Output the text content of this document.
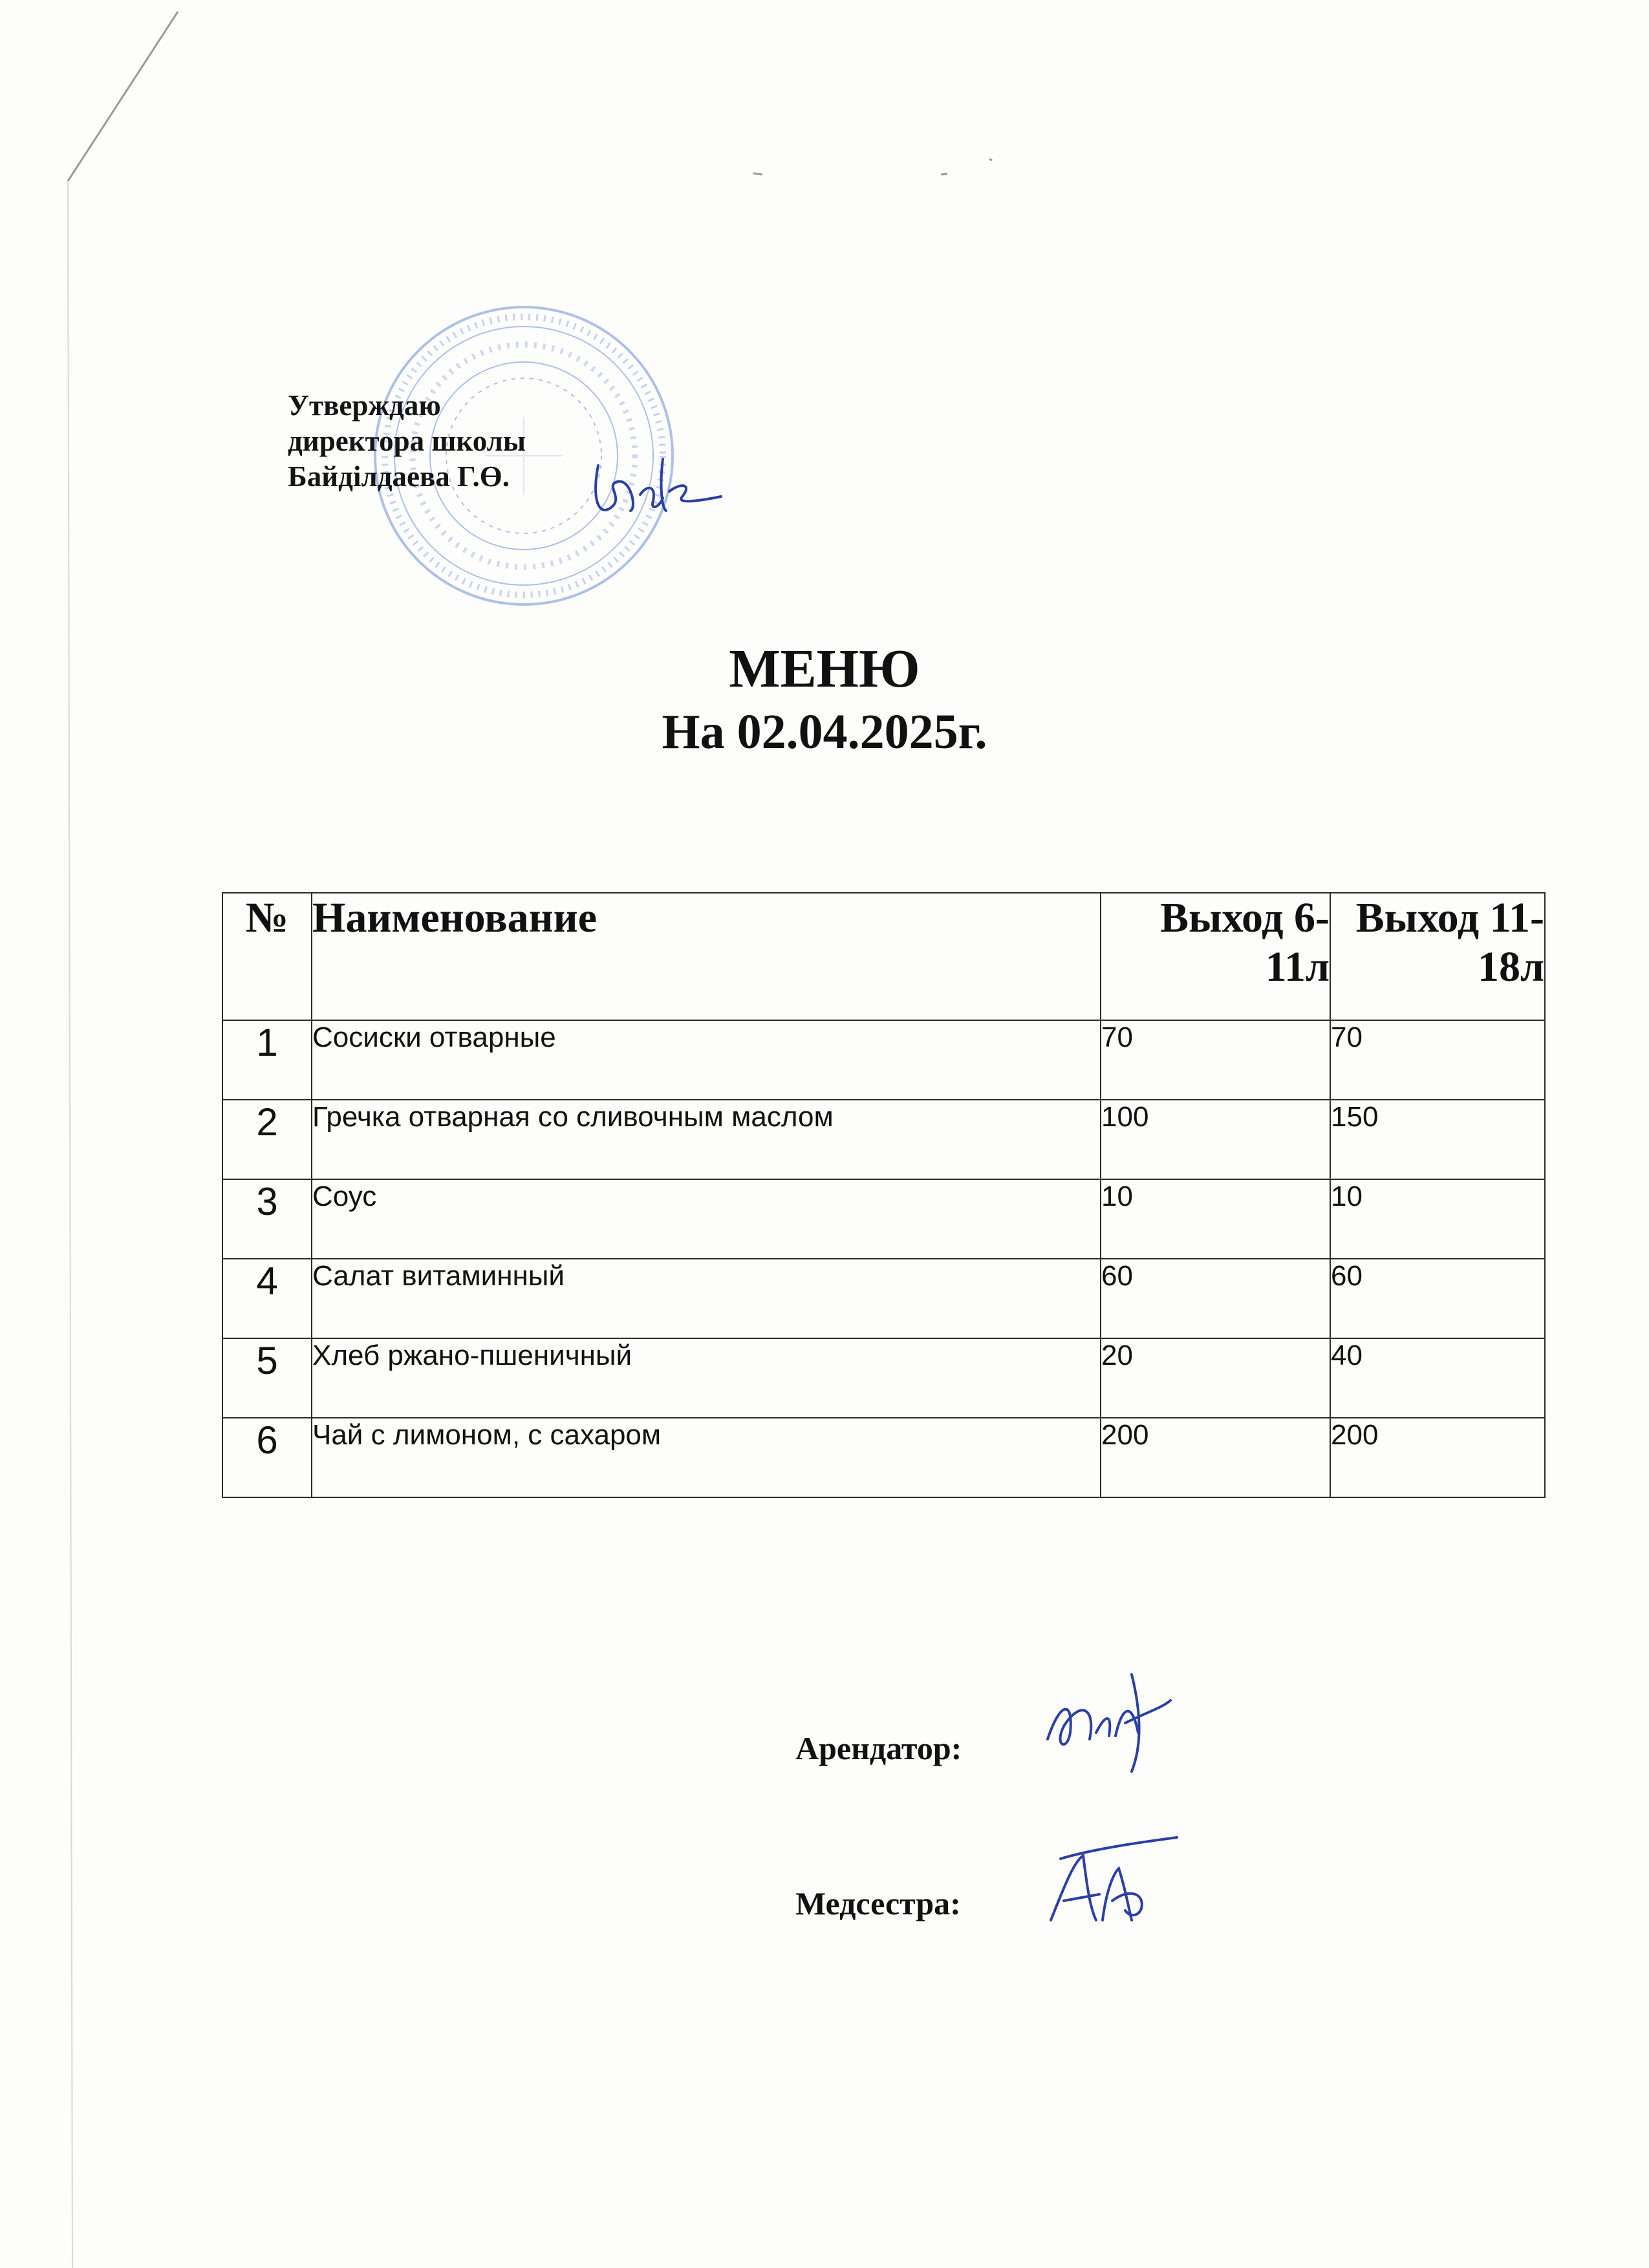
Утверждаю
директора школы
Байділдаева Г.Ө.
МЕНЮ
На 02.04.2025г.
№	Наименование	Выход 6-11л	Выход 11-18л
1	Сосиски отварные	70	70
2	Гречка отварная со сливочным маслом	100	150
3	Соус	10	10
4	Салат витаминный	60	60
5	Хлеб ржано-пшеничный	20	40
6	Чай с лимоном, с сахаром	200	200
Арендатор:
Медсестра:
